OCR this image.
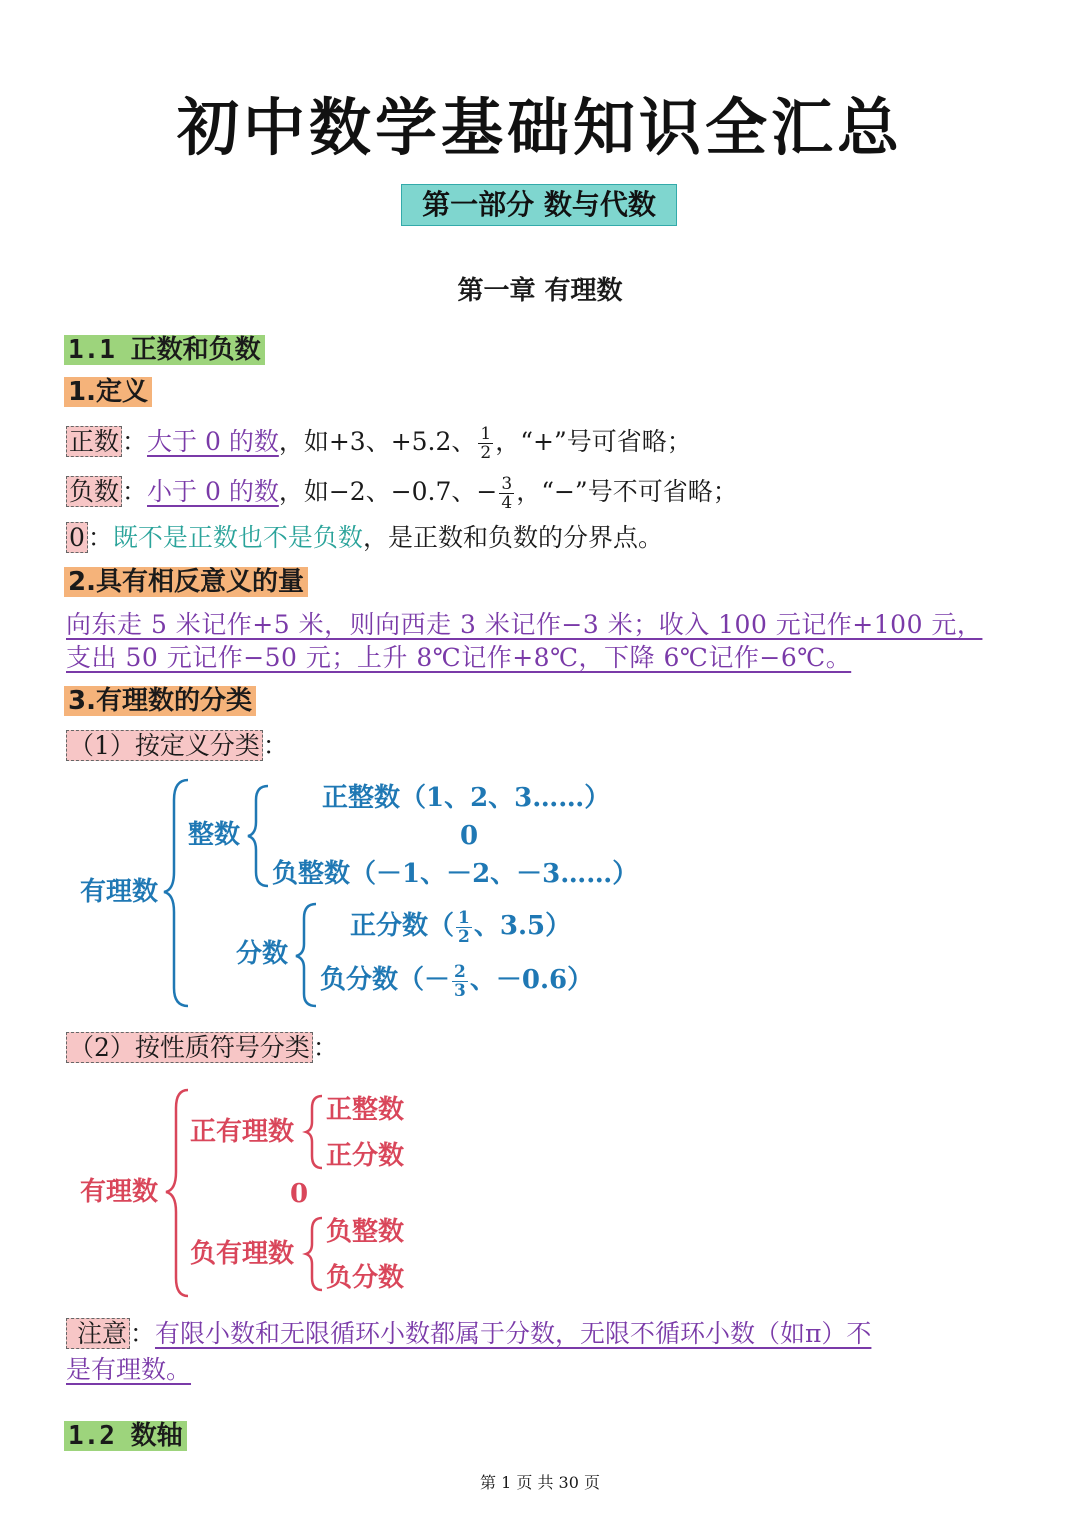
初中数学基础知识全汇总
第一部分 数与代数
第一章 有理数
1.1 正数和负数
1.定义
正数 ：大于 0 的数，如+3、+5.2、 $\frac{1}{2}$ ，“+”号可省略；
负数 ：小于 0 的数，如−2、−0.7、− $\frac{3}{4}$ ，“−”号不可省略；
0 ：既不是正数也不是负数，是正数和负数的分界点。
2.具有相反意义的量
向东走 5 米记作+5 米，则向西走 3 米记作−3 米；收入 100 元记作+100 元，
支出 50 元记作−50 元；上升 8℃记作+8℃，下降 6℃记作−6℃。
3.有理数的分类
（1）按定义分类 ：
有理数
整数
正整数（1、2、3……）
0
负整数（－1、－2、－3……）
分数
正分数（ $\frac{1}{2}$ 、3.5）
负分数（－ $\frac{2}{3}$ 、－0.6）
（2）按性质符号分类 ：
有理数
正有理数
正整数
正分数
0
负有理数
负整数
负分数
注意 ：有限小数和无限循环小数都属于分数，无限不循环小数（如π）不
是有理数。
1.2 数轴
第 1 页 共 30 页
